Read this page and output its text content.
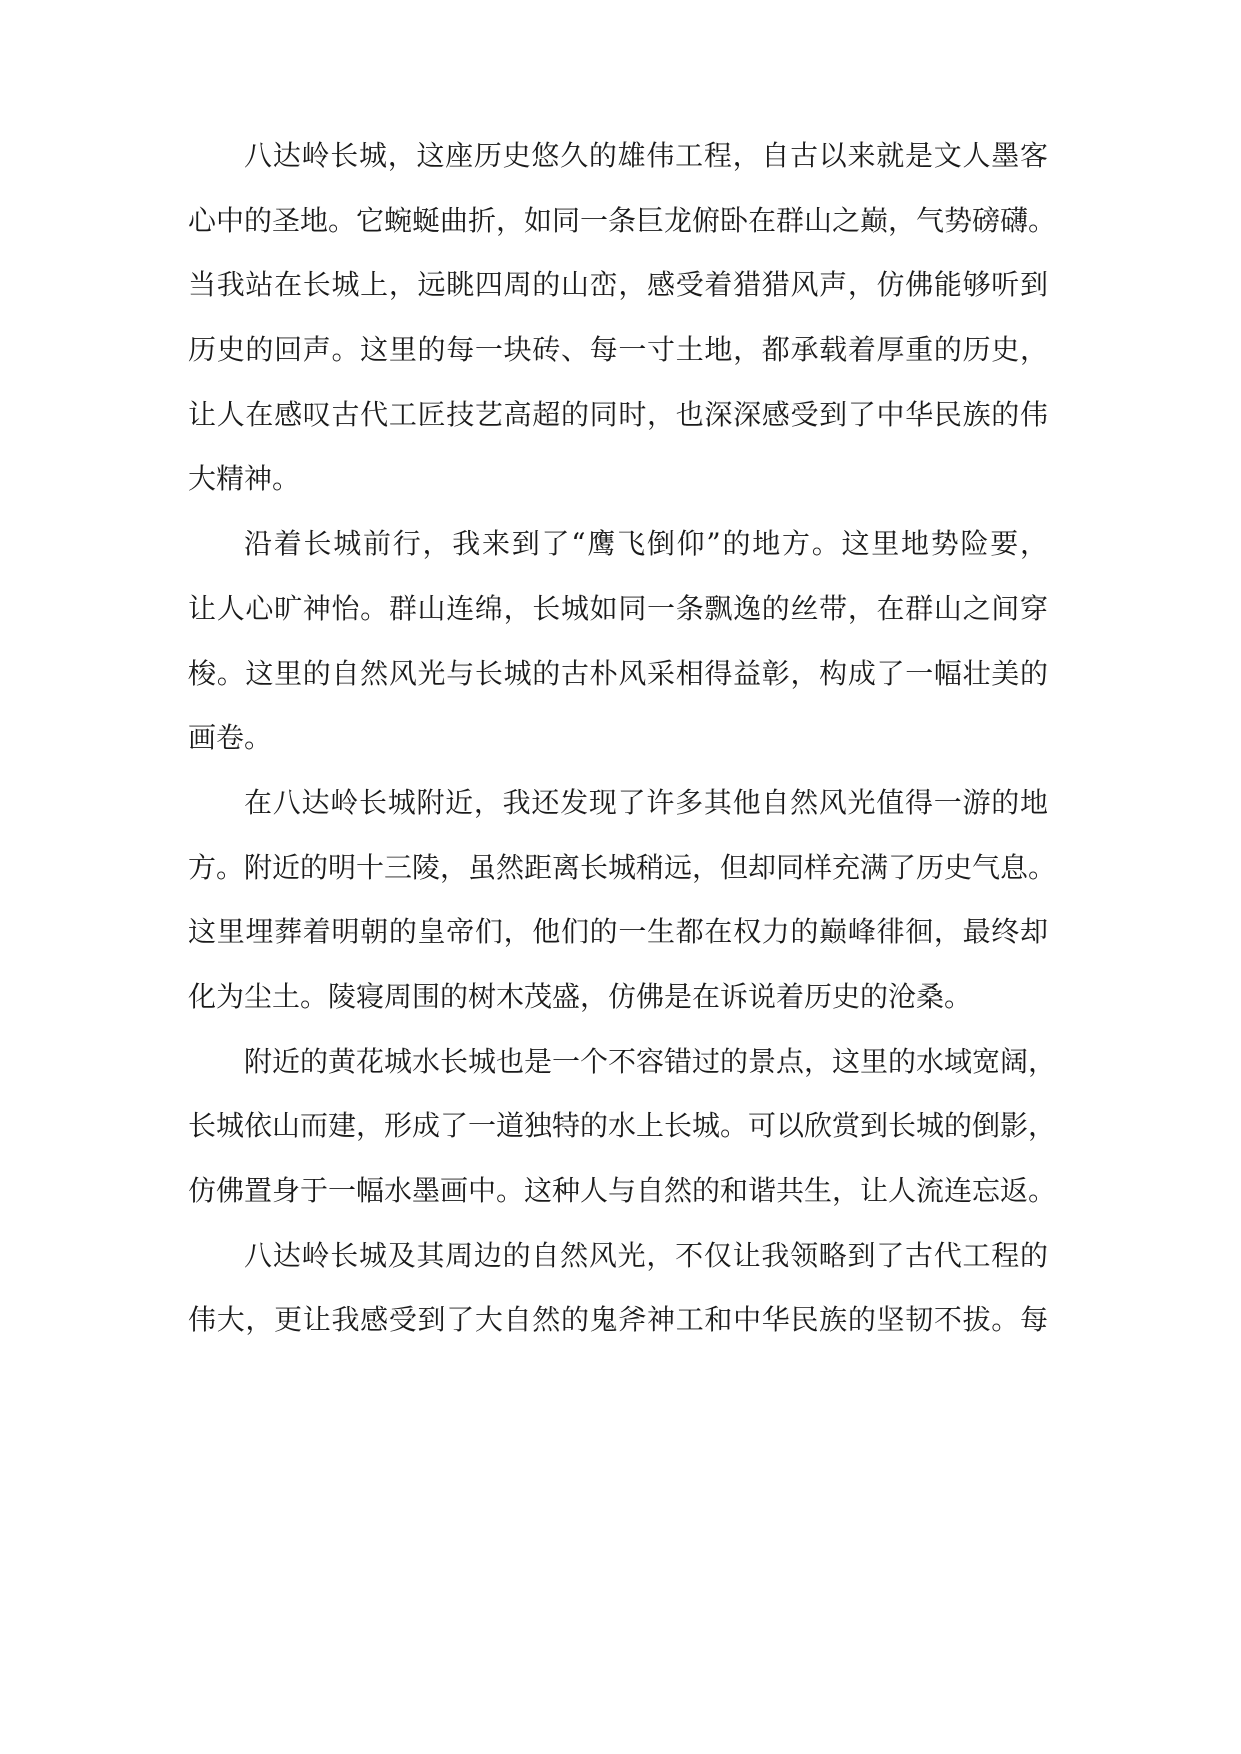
八达岭长城，这座历史悠久的雄伟工程，自古以来就是文人墨客
心中的圣地。它蜿蜒曲折，如同一条巨龙俯卧在群山之巅，气势磅礴。
当我站在长城上，远眺四周的山峦，感受着猎猎风声，仿佛能够听到
历史的回声。这里的每一块砖、每一寸土地，都承载着厚重的历史，
让人在感叹古代工匠技艺高超的同时，也深深感受到了中华民族的伟
大精神。
沿着长城前行，我来到了“鹰飞倒仰”的地方。这里地势险要，
让人心旷神怡。群山连绵，长城如同一条飘逸的丝带，在群山之间穿
梭。这里的自然风光与长城的古朴风采相得益彰，构成了一幅壮美的
画卷。
在八达岭长城附近，我还发现了许多其他自然风光值得一游的地
方。附近的明十三陵，虽然距离长城稍远，但却同样充满了历史气息。
这里埋葬着明朝的皇帝们，他们的一生都在权力的巅峰徘徊，最终却
化为尘土。陵寝周围的树木茂盛，仿佛是在诉说着历史的沧桑。
附近的黄花城水长城也是一个不容错过的景点，这里的水域宽阔，
长城依山而建，形成了一道独特的水上长城。可以欣赏到长城的倒影，
仿佛置身于一幅水墨画中。这种人与自然的和谐共生，让人流连忘返。
八达岭长城及其周边的自然风光，不仅让我领略到了古代工程的
伟大，更让我感受到了大自然的鬼斧神工和中华民族的坚韧不拔。每
